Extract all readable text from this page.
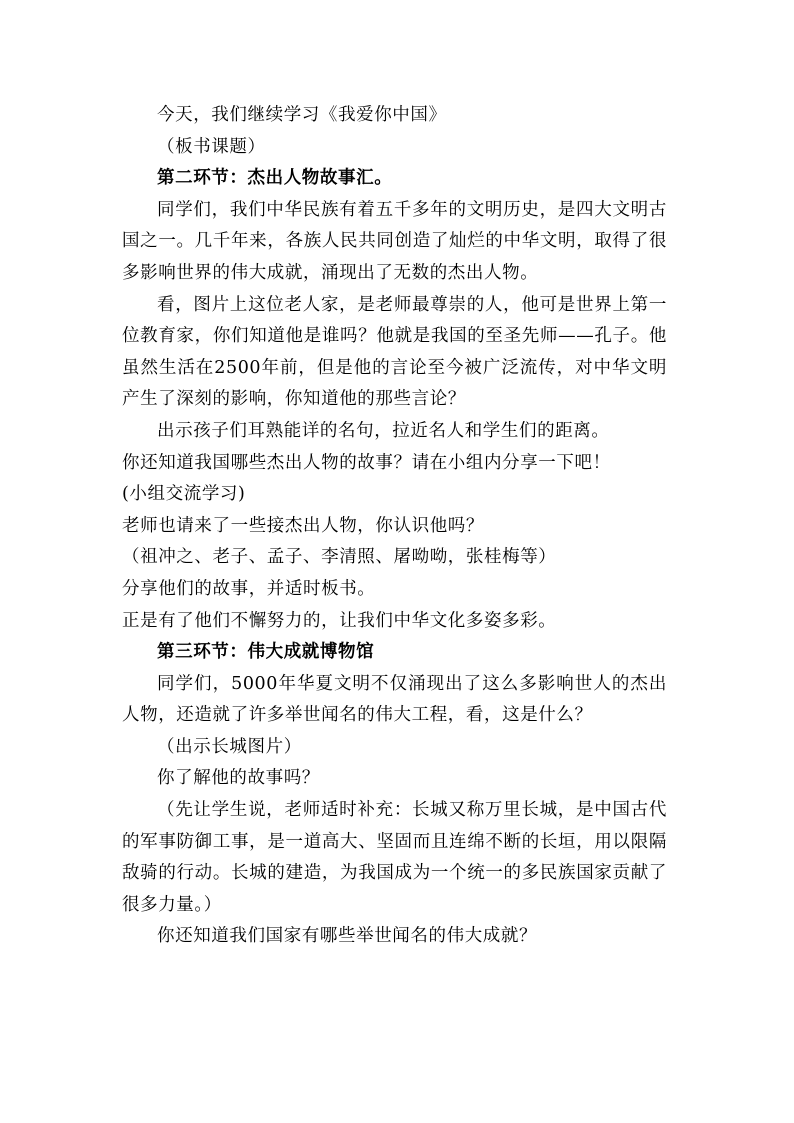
今天，我们继续学习《我爱你中国》

（板书课题）

第二环节：杰出人物故事汇。

同学们，我们中华民族有着五千多年的文明历史，是四大文明古国之一。几千年来，各族人民共同创造了灿烂的中华文明，取得了很多影响世界的伟大成就，涌现出了无数的杰出人物。

看，图片上这位老人家，是老师最尊崇的人，他可是世界上第一位教育家，你们知道他是谁吗？他就是我国的至圣先师——孔子。他虽然生活在2500年前，但是他的言论至今被广泛流传，对中华文明产生了深刻的影响，你知道他的那些言论？

出示孩子们耳熟能详的名句，拉近名人和学生们的距离。

你还知道我国哪些杰出人物的故事？请在小组内分享一下吧！

(小组交流学习)

老师也请来了一些接杰出人物，你认识他吗？

（祖冲之、老子、孟子、李清照、屠呦呦，张桂梅等）

分享他们的故事，并适时板书。

正是有了他们不懈努力的，让我们中华文化多姿多彩。

第三环节：伟大成就博物馆

同学们，5000年华夏文明不仅涌现出了这么多影响世人的杰出人物，还造就了许多举世闻名的伟大工程，看，这是什么？

（出示长城图片）

你了解他的故事吗？

（先让学生说，老师适时补充：长城又称万里长城，是中国古代的军事防御工事，是一道高大、坚固而且连绵不断的长垣，用以限隔敌骑的行动。长城的建造，为我国成为一个统一的多民族国家贡献了很多力量。）

你还知道我们国家有哪些举世闻名的伟大成就？
